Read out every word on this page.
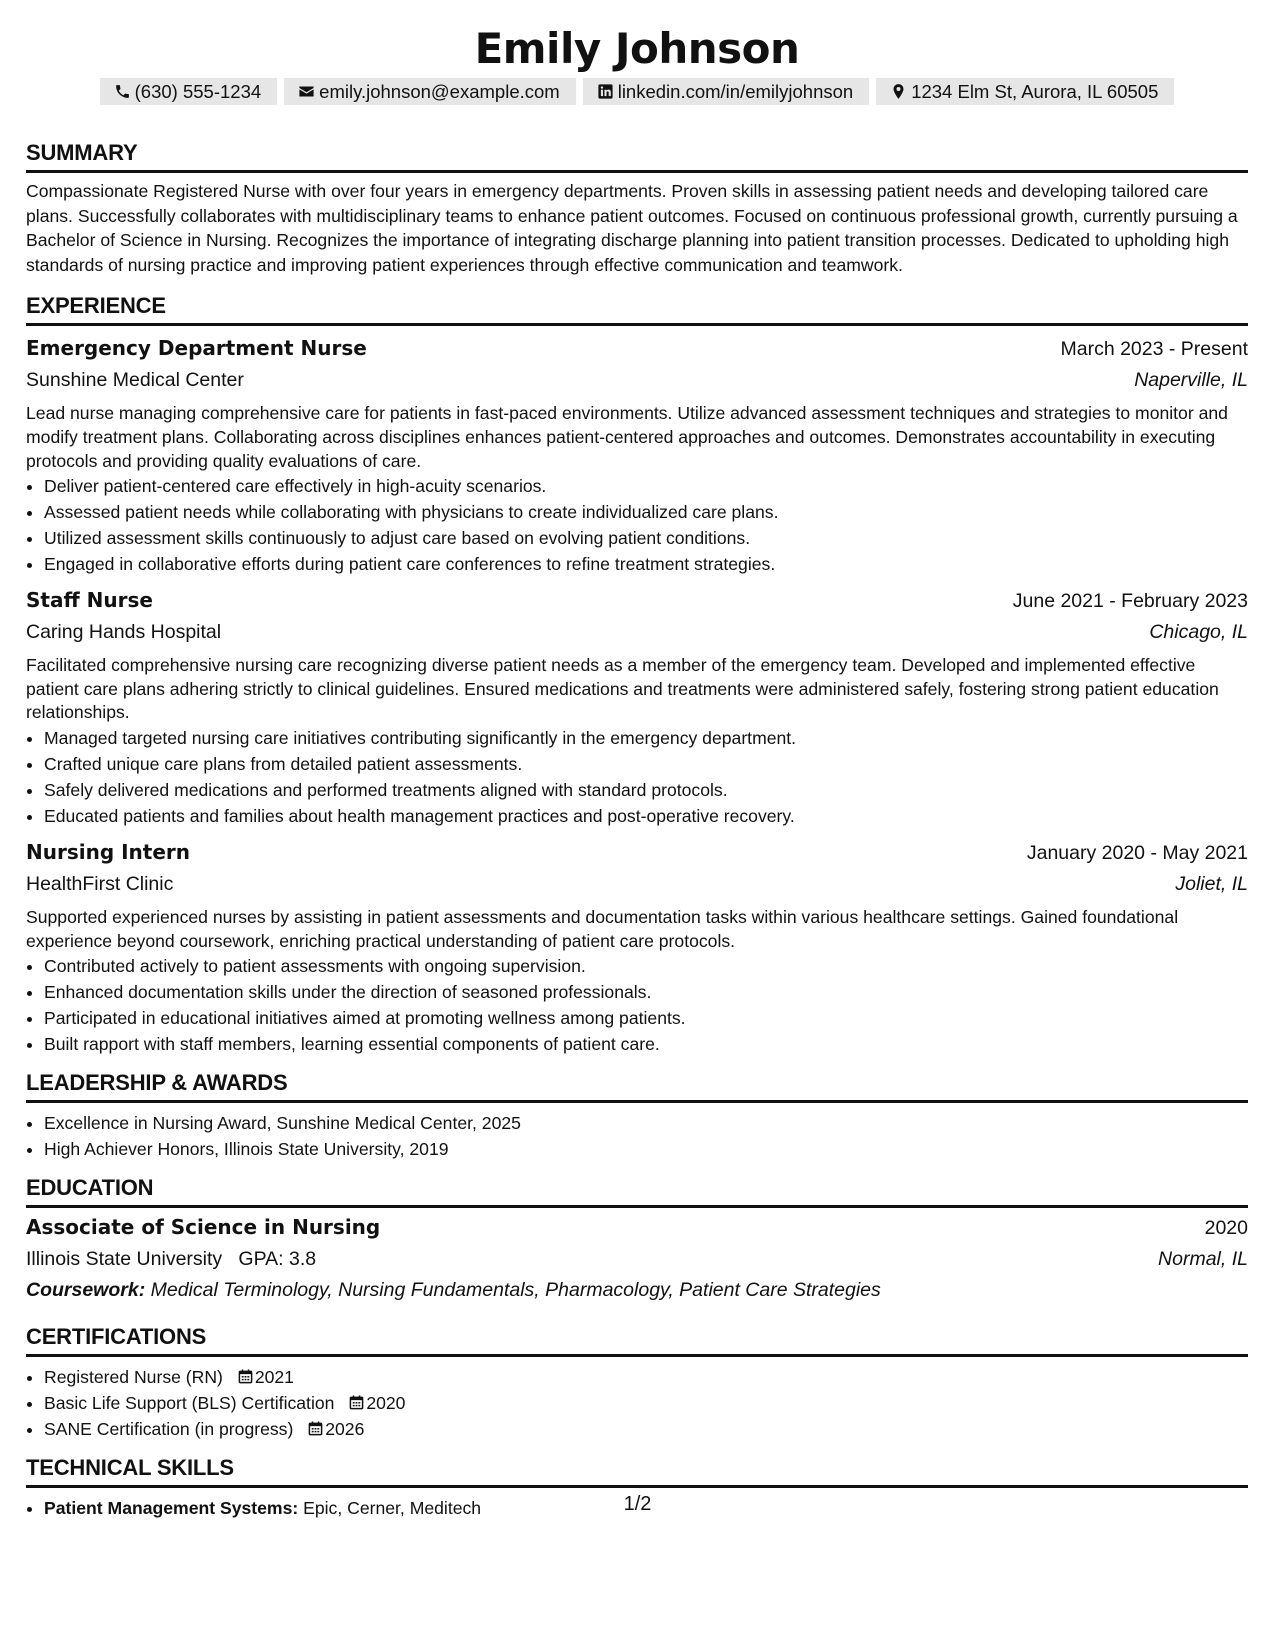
Emily Johnson
(630) 555-1234	emily.johnson@example.com	linkedin.com/in/emilyjohnson	1234 Elm St, Aurora, IL 60505
SUMMARY

Compassionate Registered Nurse with over four years in emergency departments. Proven skills in assessing patient needs and developing tailored care plans. Successfully collaborates with multidisciplinary teams to enhance patient outcomes. Focused on continuous professional growth, currently pursuing a Bachelor of Science in Nursing. Recognizes the importance of integrating discharge planning into patient transition processes. Dedicated to upholding high standards of nursing practice and improving patient experiences through effective communication and teamwork.

EXPERIENCE
Emergency Department Nurse	March 2023 - Present
Sunshine Medical Center	Naperville, IL
Lead nurse managing comprehensive care for patients in fast-paced environments. Utilize advanced assessment techniques and strategies to monitor and modify treatment plans. Collaborating across disciplines enhances patient-centered approaches and outcomes. Demonstrates accountability in executing protocols and providing quality evaluations of care.
• Deliver patient-centered care effectively in high-acuity scenarios.
• Assessed patient needs while collaborating with physicians to create individualized care plans.
• Utilized assessment skills continuously to adjust care based on evolving patient conditions.
• Engaged in collaborative efforts during patient care conferences to refine treatment strategies.
Staff Nurse	June 2021 - February 2023
Caring Hands Hospital	Chicago, IL
Facilitated comprehensive nursing care recognizing diverse patient needs as a member of the emergency team. Developed and implemented effective patient care plans adhering strictly to clinical guidelines. Ensured medications and treatments were administered safely, fostering strong patient education relationships.
• Managed targeted nursing care initiatives contributing significantly in the emergency department.
• Crafted unique care plans from detailed patient assessments.
• Safely delivered medications and performed treatments aligned with standard protocols.
• Educated patients and families about health management practices and post-operative recovery.
Nursing Intern	January 2020 - May 2021
HealthFirst Clinic	Joliet, IL
Supported experienced nurses by assisting in patient assessments and documentation tasks within various healthcare settings. Gained foundational experience beyond coursework, enriching practical understanding of patient care protocols.
• Contributed actively to patient assessments with ongoing supervision.
• Enhanced documentation skills under the direction of seasoned professionals.
• Participated in educational initiatives aimed at promoting wellness among patients.
• Built rapport with staff members, learning essential components of patient care.
LEADERSHIP & AWARDS
• Excellence in Nursing Award, Sunshine Medical Center, 2025
• High Achiever Honors, Illinois State University, 2019
EDUCATION
Associate of Science in Nursing	2020
Illinois State University GPA: 3.8	Normal, IL
Coursework: Medical Terminology, Nursing Fundamentals, Pharmacology, Patient Care Strategies
CERTIFICATIONS
• Registered Nurse (RN) 2021
• Basic Life Support (BLS) Certification 2020
• SANE Certification (in progress) 2026
TECHNICAL SKILLS
• Patient Management Systems: Epic, Cerner, Meditech	1/2
